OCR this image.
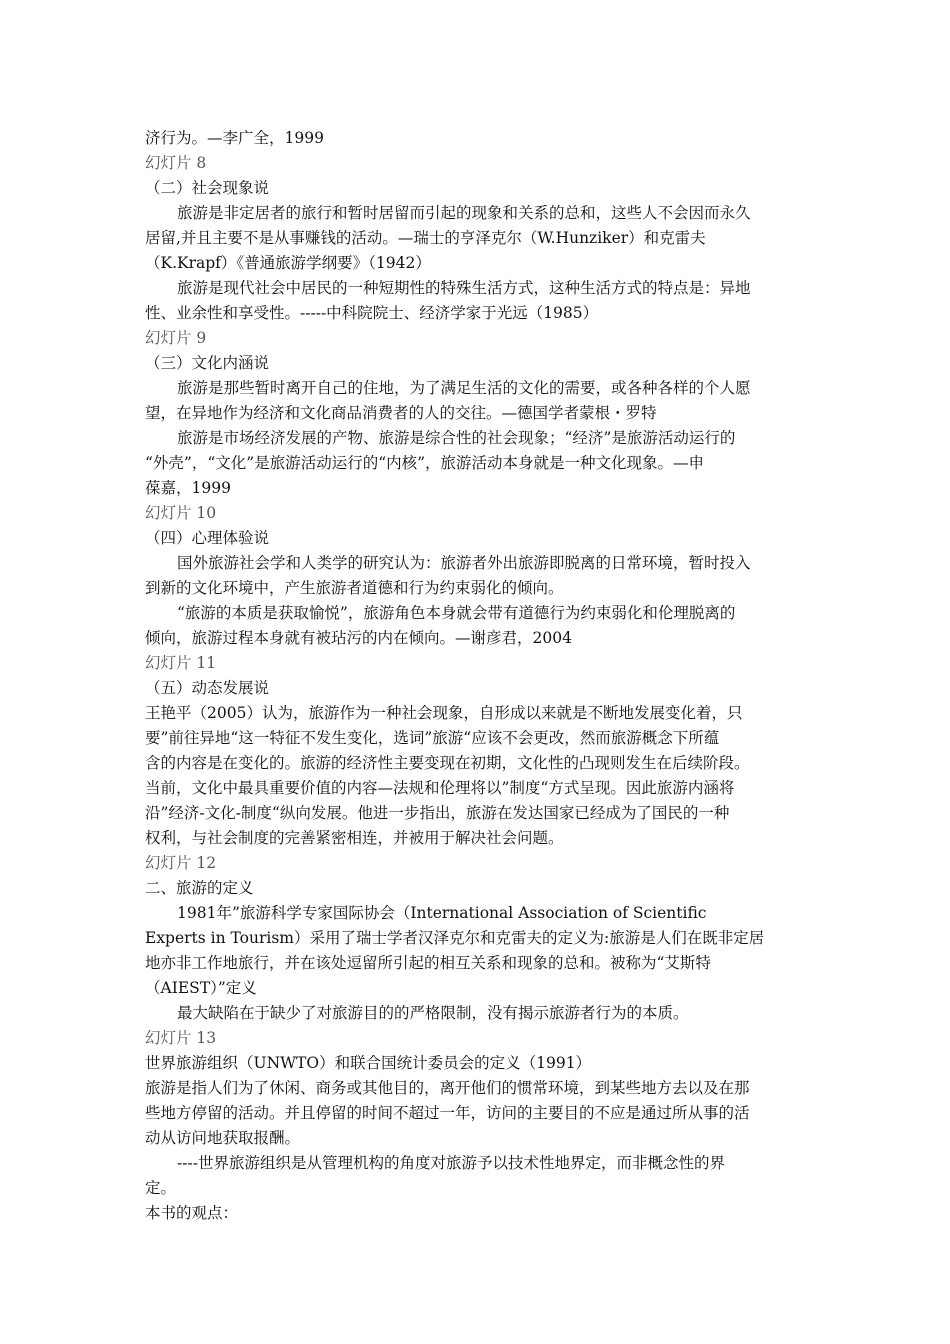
济行为。—李广全，1999

幻灯片 8

（二）社会现象说

旅游是非定居者的旅行和暂时居留而引起的现象和关系的总和，这些人不会因而永久

居留,并且主要不是从事赚钱的活动。—瑞士的亨泽克尔（W.Hunziker）和克雷夫

（K.Krapf）《普通旅游学纲要》（1942）

旅游是现代社会中居民的一种短期性的特殊生活方式，这种生活方式的特点是：异地

性、业余性和享受性。-----中科院院士、经济学家于光远（1985）

幻灯片 9

（三）文化内涵说

旅游是那些暂时离开自己的住地，为了满足生活的文化的需要，或各种各样的个人愿

望，在异地作为经济和文化商品消费者的人的交往。—德国学者蒙根・罗特

旅游是市场经济发展的产物、旅游是综合性的社会现象；“经济”是旅游活动运行的

“外壳”，“文化”是旅游活动运行的“内核”，旅游活动本身就是一种文化现象。—申

葆嘉，1999

幻灯片 10

（四）心理体验说

国外旅游社会学和人类学的研究认为：旅游者外出旅游即脱离的日常环境，暂时投入

到新的文化环境中，产生旅游者道德和行为约束弱化的倾向。

“旅游的本质是获取愉悦”，旅游角色本身就会带有道德行为约束弱化和伦理脱离的

倾向，旅游过程本身就有被玷污的内在倾向。—谢彦君，2004

幻灯片 11

（五）动态发展说

王艳平（2005）认为，旅游作为一种社会现象，自形成以来就是不断地发展变化着，只

要”前往异地“这一特征不发生变化，选词”旅游“应该不会更改，然而旅游概念下所蕴

含的内容是在变化的。旅游的经济性主要变现在初期，文化性的凸现则发生在后续阶段。

当前，文化中最具重要价值的内容—法规和伦理将以”制度“方式呈现。因此旅游内涵将

沿”经济-文化-制度“纵向发展。他进一步指出，旅游在发达国家已经成为了国民的一种

权利，与社会制度的完善紧密相连，并被用于解决社会问题。

幻灯片 12

二、旅游的定义

1981年”旅游科学专家国际协会（International Association of Scientific

Experts in Tourism）采用了瑞士学者汉泽克尔和克雷夫的定义为:旅游是人们在既非定居

地亦非工作地旅行，并在该处逗留所引起的相互关系和现象的总和。被称为“艾斯特

（AIEST）”定义

最大缺陷在于缺少了对旅游目的的严格限制，没有揭示旅游者行为的本质。

幻灯片 13

世界旅游组织（UNWTO）和联合国统计委员会的定义（1991）

旅游是指人们为了休闲、商务或其他目的，离开他们的惯常环境，到某些地方去以及在那

些地方停留的活动。并且停留的时间不超过一年，访问的主要目的不应是通过所从事的活

动从访问地获取报酬。

----世界旅游组织是从管理机构的角度对旅游予以技术性地界定，而非概念性的界

定。

本书的观点：
